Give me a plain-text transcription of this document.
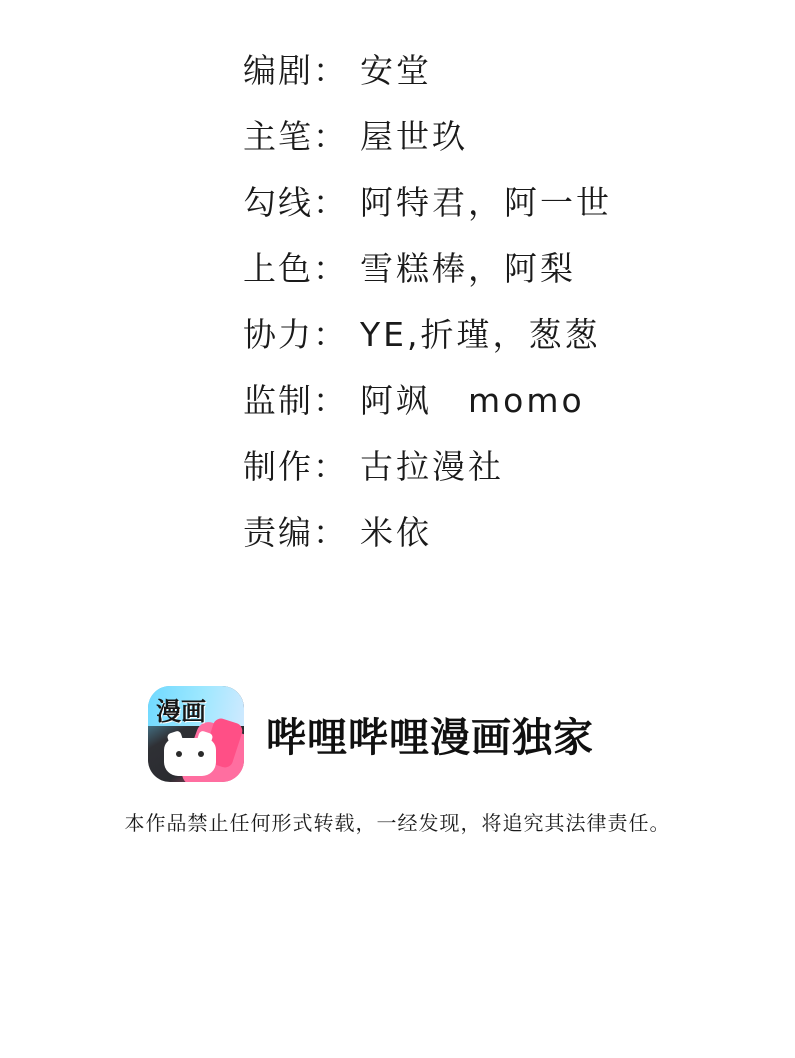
编剧： 安堂
主笔： 屋世玖
勾线： 阿特君，阿一世
上色： 雪糕棒，阿梨
协力： YE,折瑾，葱葱
监制： 阿飒　momo
制作： 古拉漫社
责编： 米依
漫画
哔哩哔哩漫画独家
本作品禁止任何形式转载，一经发现，将追究其法律责任。
